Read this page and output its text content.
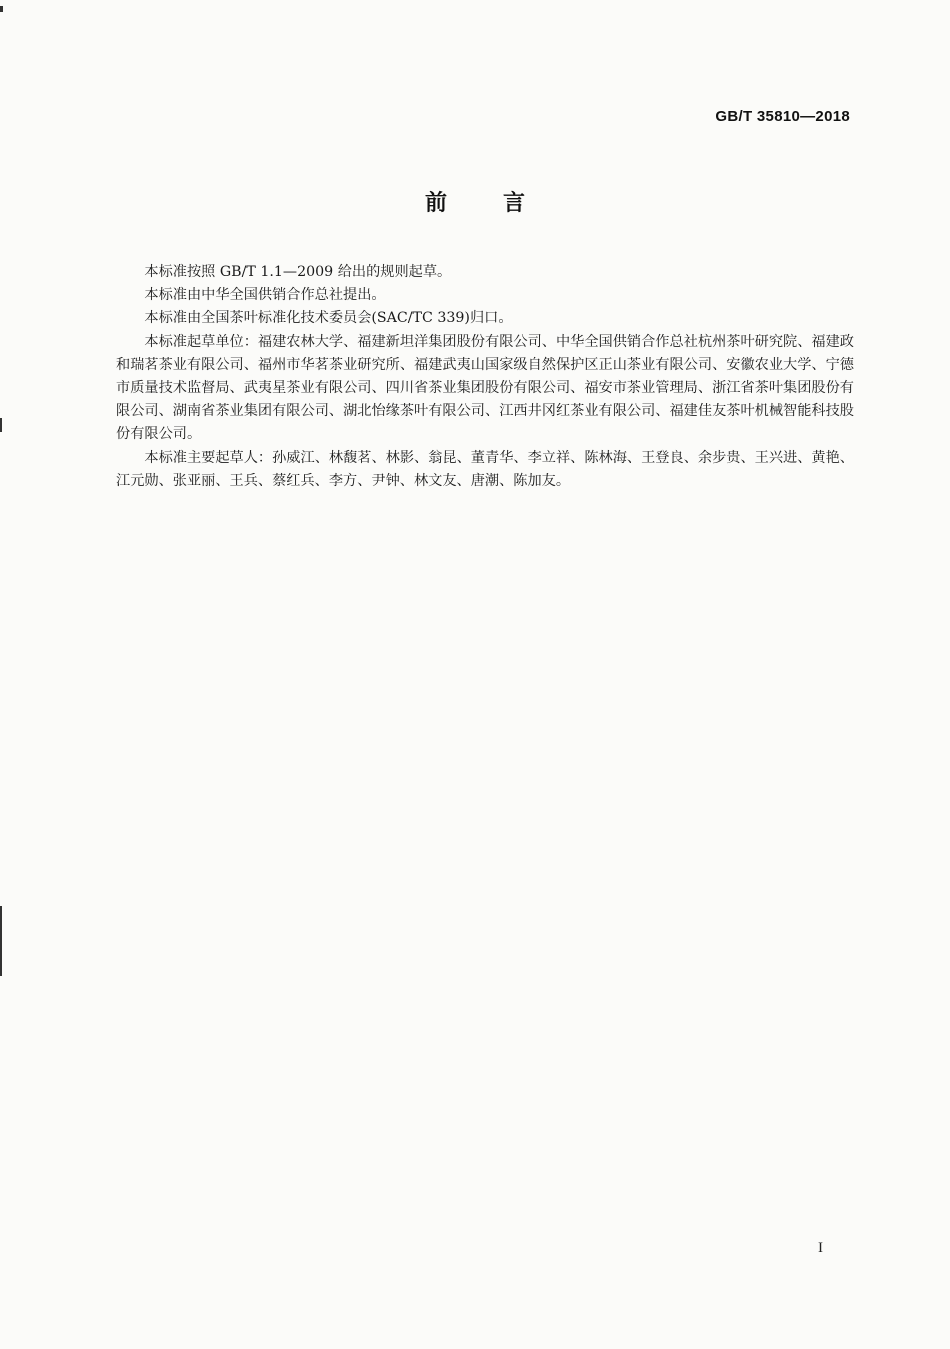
GB/T 35810—2018
前言

本标准按照 GB/T 1.1—2009 给出的规则起草。

本标准由中华全国供销合作总社提出。

本标准由全国茶叶标准化技术委员会(SAC/TC 339)归口。

本标准起草单位：福建农林大学、福建新坦洋集团股份有限公司、中华全国供销合作总社杭州茶叶研究院、福建政和瑞茗茶业有限公司、福州市华茗茶业研究所、福建武夷山国家级自然保护区正山茶业有限公司、安徽农业大学、宁德市质量技术监督局、武夷星茶业有限公司、四川省茶业集团股份有限公司、福安市茶业管理局、浙江省茶叶集团股份有限公司、湖南省茶业集团有限公司、湖北怡缘茶叶有限公司、江西井冈红茶业有限公司、福建佳友茶叶机械智能科技股份有限公司。

本标准主要起草人：孙威江、林馥茗、林影、翁昆、董青华、李立祥、陈林海、王登良、余步贵、王兴进、黄艳、江元勋、张亚丽、王兵、蔡红兵、李方、尹钟、林文友、唐潮、陈加友。

I
